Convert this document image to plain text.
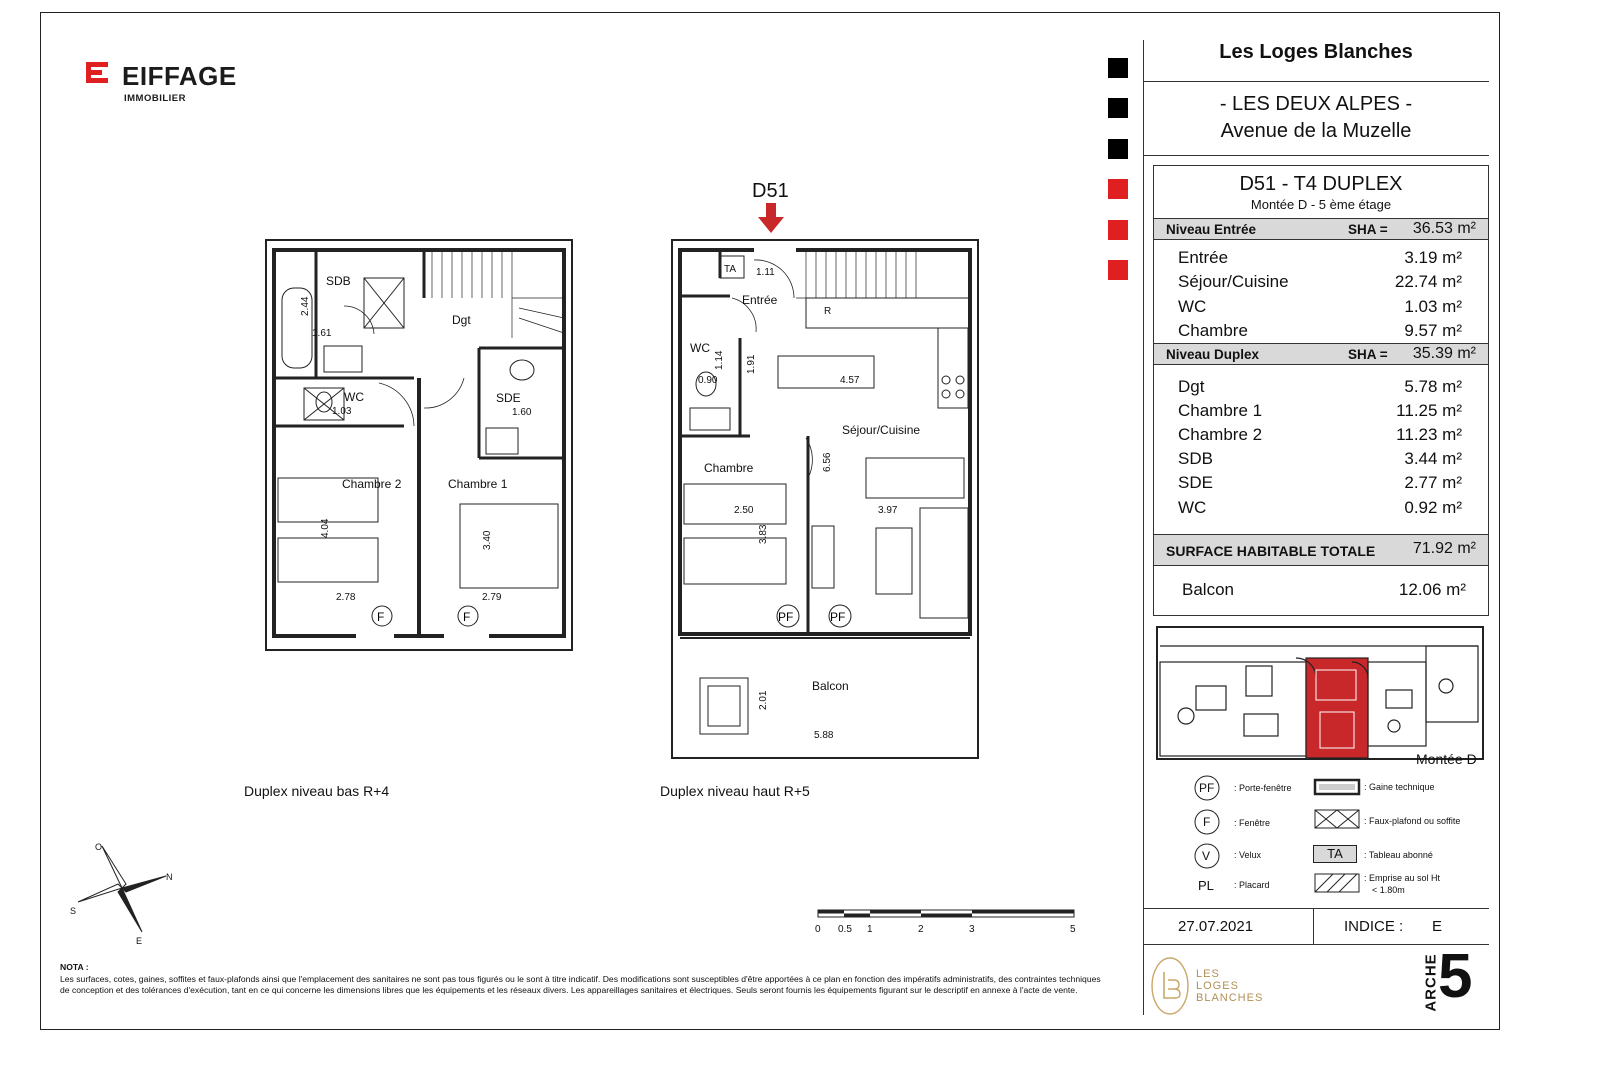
EIFFAGE
IMMOBILIER
SDB
Dgt
WC	SDE
Chambre 2	Chambre 1
2.44
1.61
1.03	1.60
4.04
3.40
2.78	2.79
F	F
Duplex niveau bas R+4
D51
Entrée
WC
Séjour/Cuisine
Chambre
Balcon
TA
R
1.11
1.14
0.90
1.91
4.57
6.56
2.50
3.83
3.97
2.01
5.88
PF	PF
Duplex niveau haut R+5
O
N
S
E
0 0.5 1	2	3	5
NOTA :
Les surfaces, cotes, gaines, soffites et faux-plafonds ainsi que l'emplacement des sanitaires ne sont pas tous figurés ou le sont à titre indicatif. Des modifications sont susceptibles d'être apportées à ce plan en fonction des impératifs administratifs, des contraintes techniques de conception et des tolérances d'exécution, tant en ce qui concerne les dimensions libres que les équipements et les réseaux divers. Les appareillages sanitaires et électriques. Seuls seront fournis les équipements figurant sur le descriptif en annexe à l'acte de vente.
Les Loges Blanches
- LES DEUX ALPES -
Avenue de la Muzelle
D51 - T4 DUPLEX
Montée D - 5 ème étage
Niveau Entrée	SHA = 36.53 m²
Entrée	3.19 m²
Séjour/Cuisine	22.74 m²
WC	1.03 m²
Chambre	9.57 m²
Niveau Duplex	SHA = 35.39 m²
Dgt	5.78 m²
Chambre 1	11.25 m²
Chambre 2	11.23 m²
SDB	3.44 m²
SDE	2.77 m²
WC	0.92 m²
SURFACE HABITABLE TOTALE 71.92 m²
Balcon	12.06 m²
Montée D
PF : Porte-fenêtre
F	: Fenêtre
V	: Velux
PL : Placard
: Gaine technique
: Faux-plafond ou soffite
TA	: Tableau abonné
: Emprise au sol Ht
< 1.80m
27.07.2021	INDICE : E
LES
LOGES
BLANCHES	ARCHE
5
